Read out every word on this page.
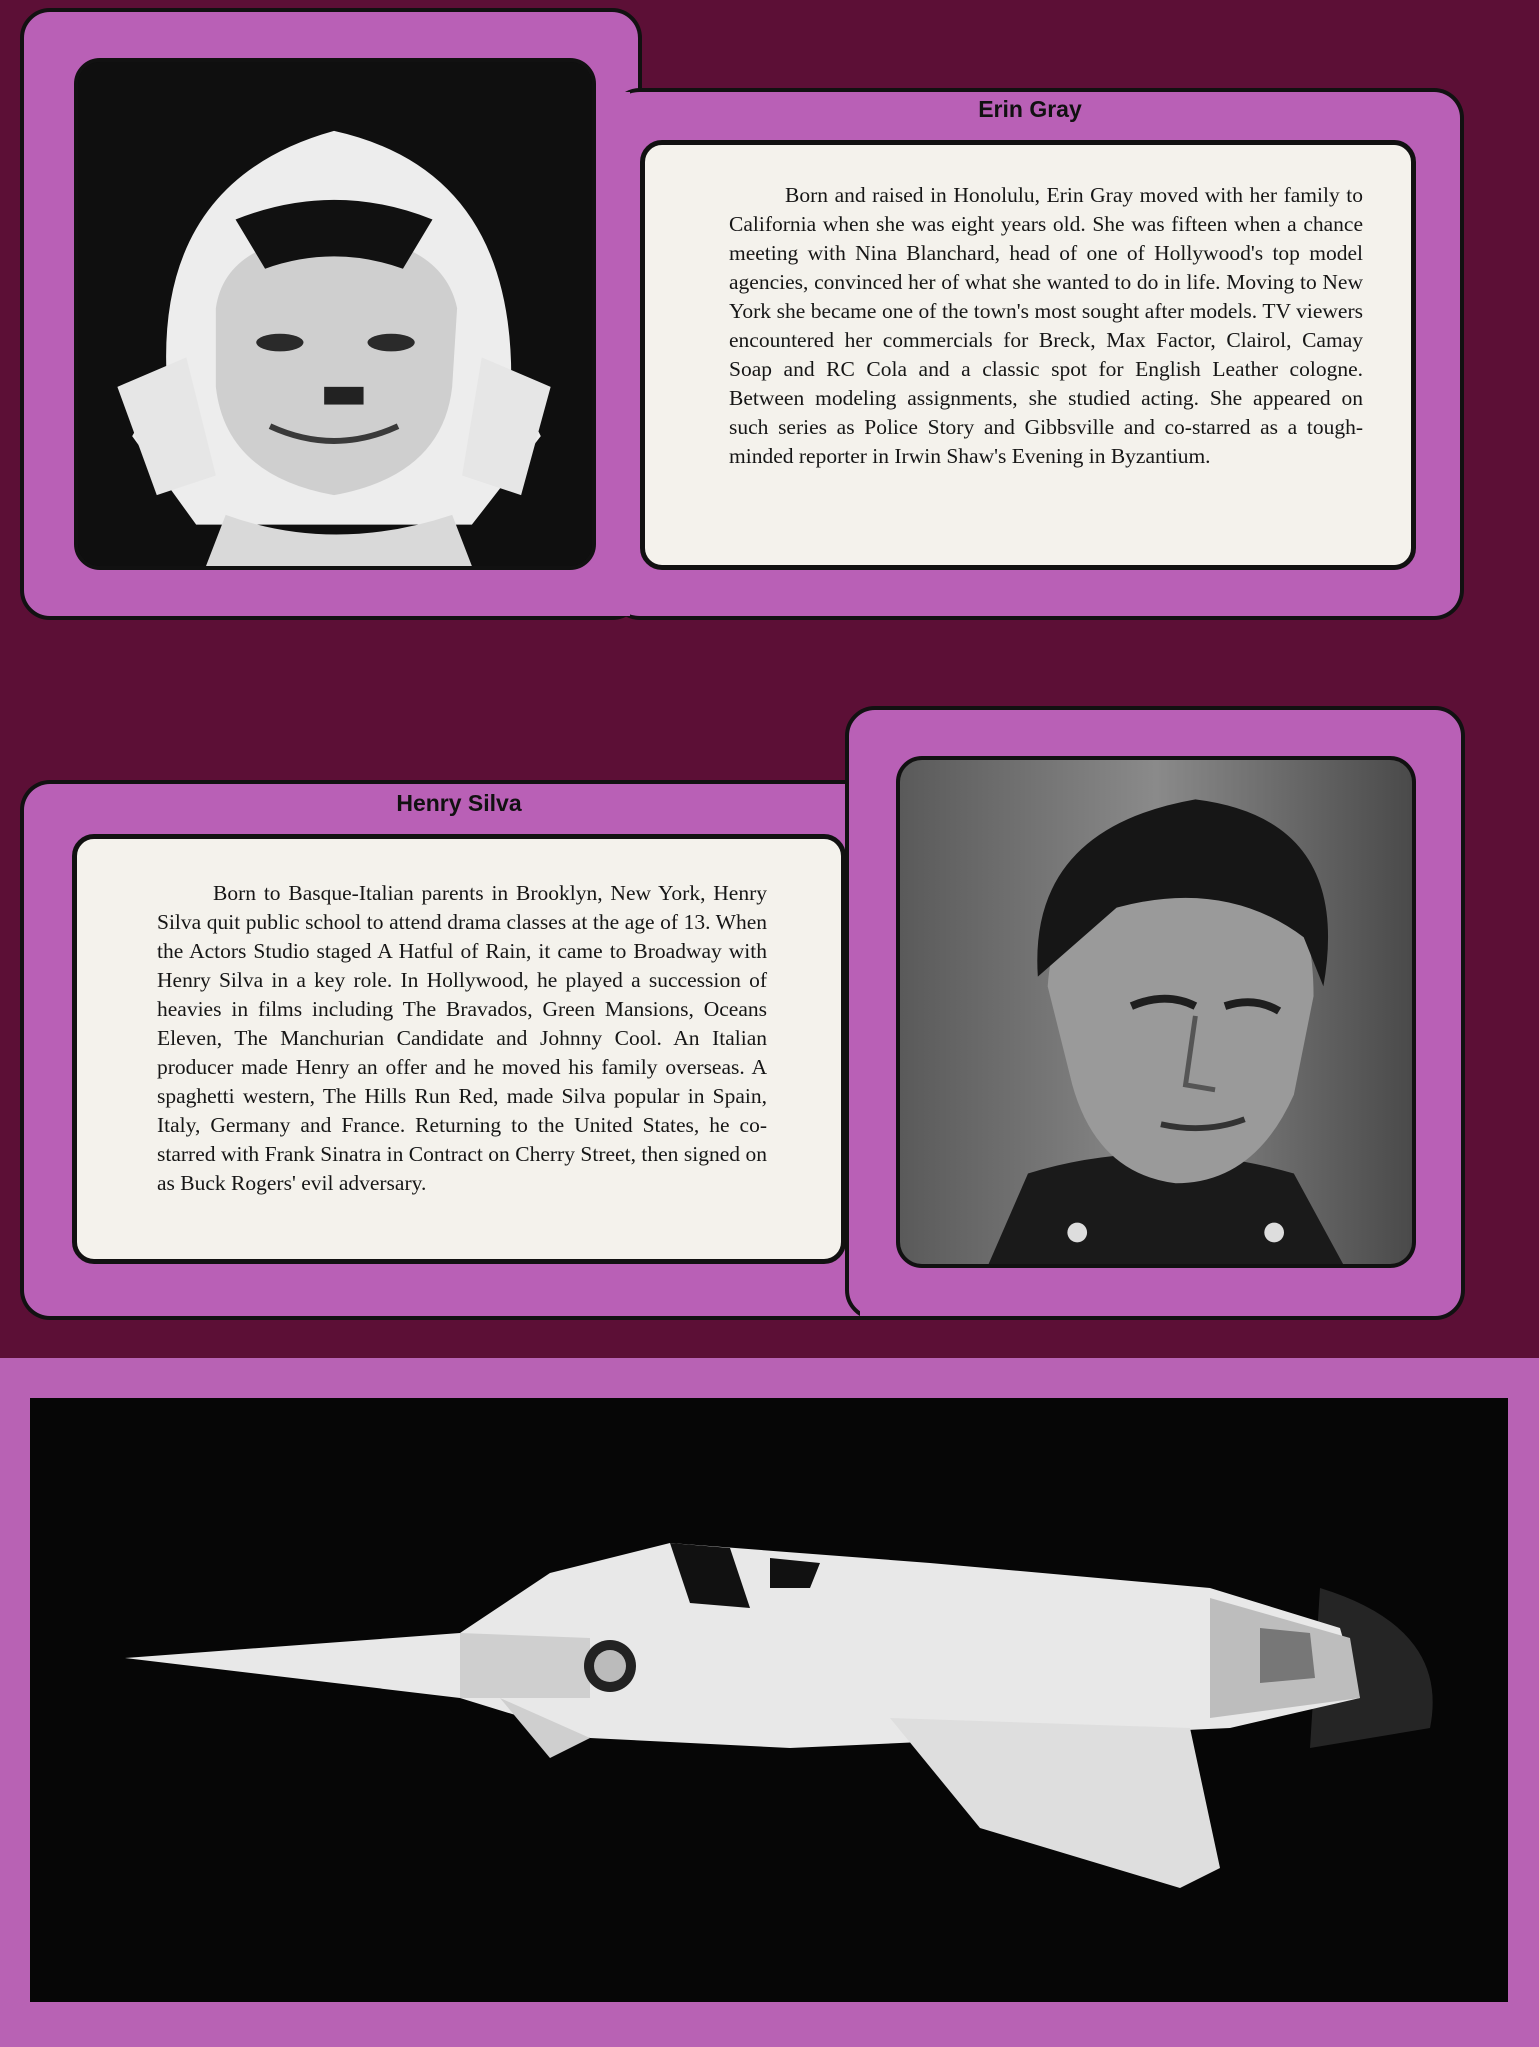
Erin Gray

Born and raised in Honolulu, Erin Gray moved with her family to California when she was eight years old. She was fifteen when a chance meeting with Nina Blanchard, head of one of Hollywood's top model agencies, convinced her of what she wanted to do in life. Moving to New York she became one of the town's most sought after models. TV viewers encountered her commercials for Breck, Max Factor, Clairol, Camay Soap and RC Cola and a classic spot for English Leather cologne. Between modeling assignments, she studied acting. She appeared on such series as Police Story and Gibbsville and co-starred as a tough-minded reporter in Irwin Shaw's Evening in Byzantium.

Henry Silva

Born to Basque-Italian parents in Brooklyn, New York, Henry Silva quit public school to attend drama classes at the age of 13. When the Actors Studio staged A Hatful of Rain, it came to Broadway with Henry Silva in a key role. In Hollywood, he played a succession of heavies in films including The Bravados, Green Mansions, Oceans Eleven, The Manchurian Candidate and Johnny Cool. An Italian producer made Henry an offer and he moved his family overseas. A spaghetti western, The Hills Run Red, made Silva popular in Spain, Italy, Germany and France. Returning to the United States, he co-starred with Frank Sinatra in Contract on Cherry Street, then signed on as Buck Rogers' evil adversary.
